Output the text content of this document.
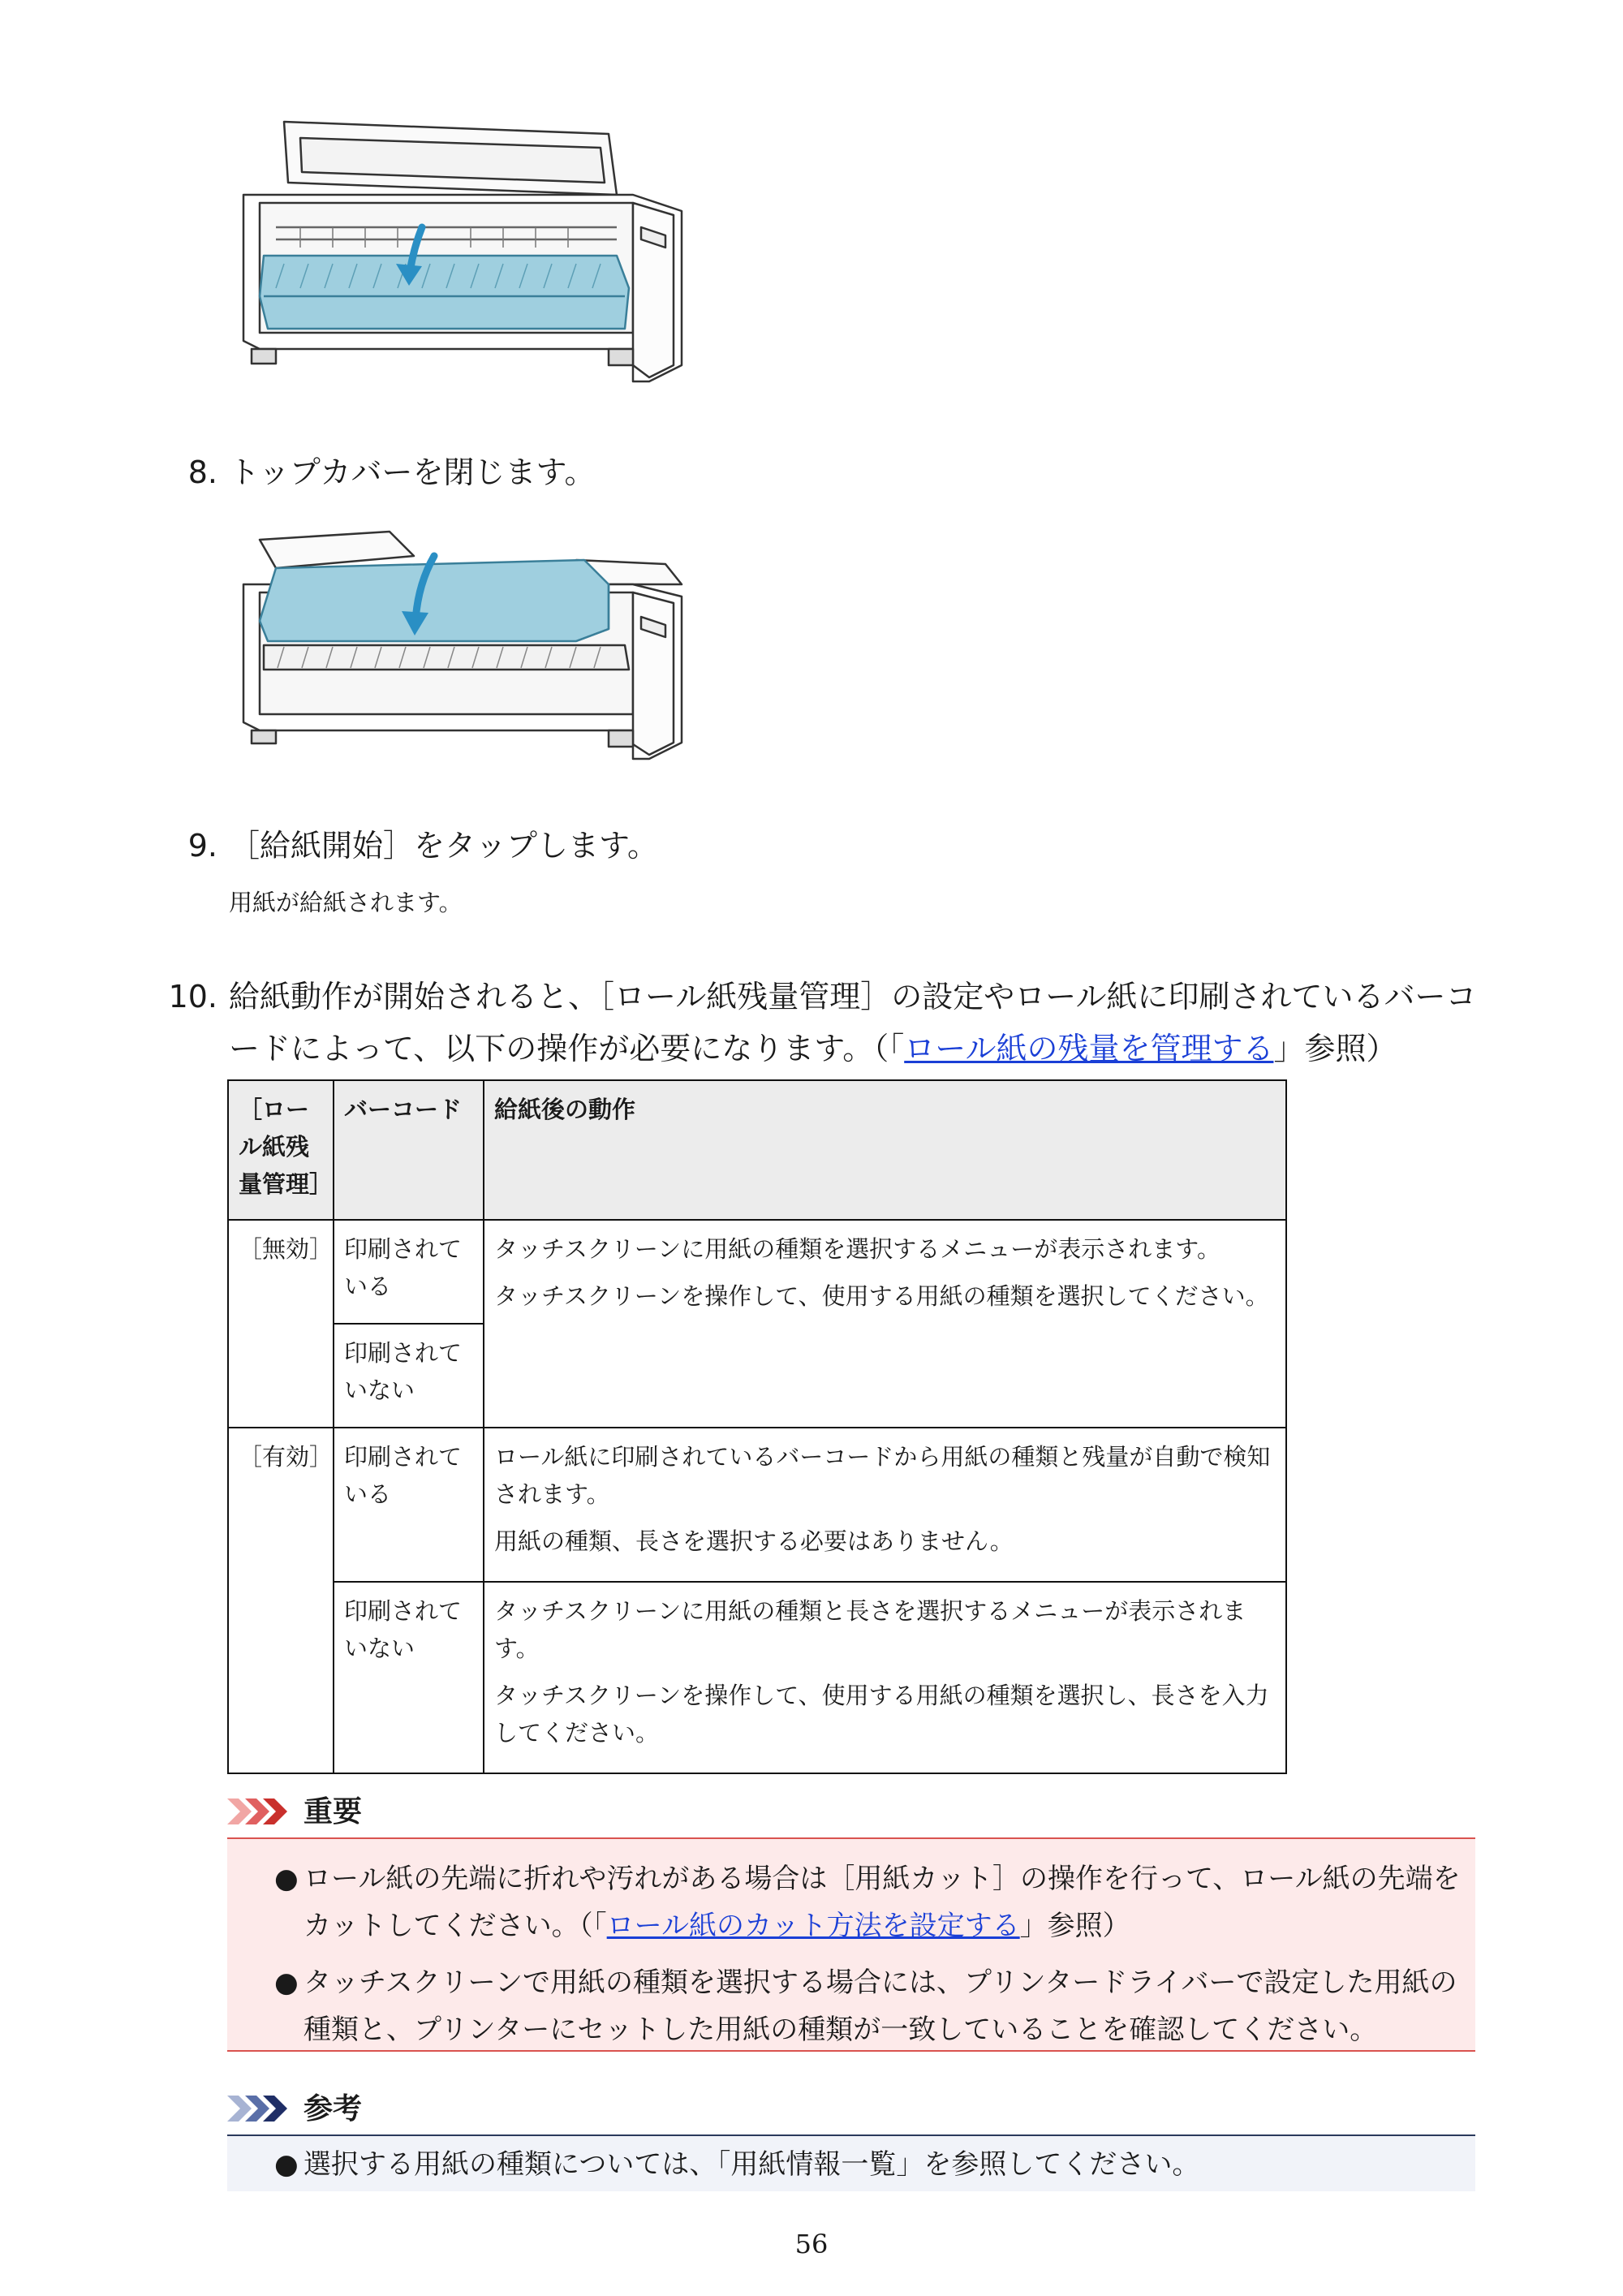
8. トップカバーを閉じます。
9. ［給紙開始］をタップします。
用紙が給紙されます。
10. 給紙動作が開始されると、［ロール紙残量管理］の設定やロール紙に印刷されているバーコ
ードによって、以下の操作が必要になります。（「ロール紙の残量を管理する」参照）
［ロール紙残量管理］	バーコード	給紙後の動作
［無効］	印刷されている	タッチスクリーンに用紙の種類を選択するメニューが表示されます。

タッチスクリーンを操作して、使用する用紙の種類を選択してください。

	印刷されていない	
［有効］	印刷されている	ロール紙に印刷されているバーコードから用紙の種類と残量が自動で検知されます。

用紙の種類、長さを選択する必要はありません。

	印刷されていない	タッチスクリーンに用紙の種類と長さを選択するメニューが表示されます。

タッチスクリーンを操作して、使用する用紙の種類を選択し、長さを入力してください。

重要
● ロール紙の先端に折れや汚れがある場合は［用紙カット］の操作を行って、ロール紙の先端をカットしてください。（「ロール紙のカット方法を設定する」参照）
● タッチスクリーンで用紙の種類を選択する場合には、プリンタードライバーで設定した用紙の種類と、プリンターにセットした用紙の種類が一致していることを確認してください。
参考
● 選択する用紙の種類については、「用紙情報一覧」を参照してください。
56
